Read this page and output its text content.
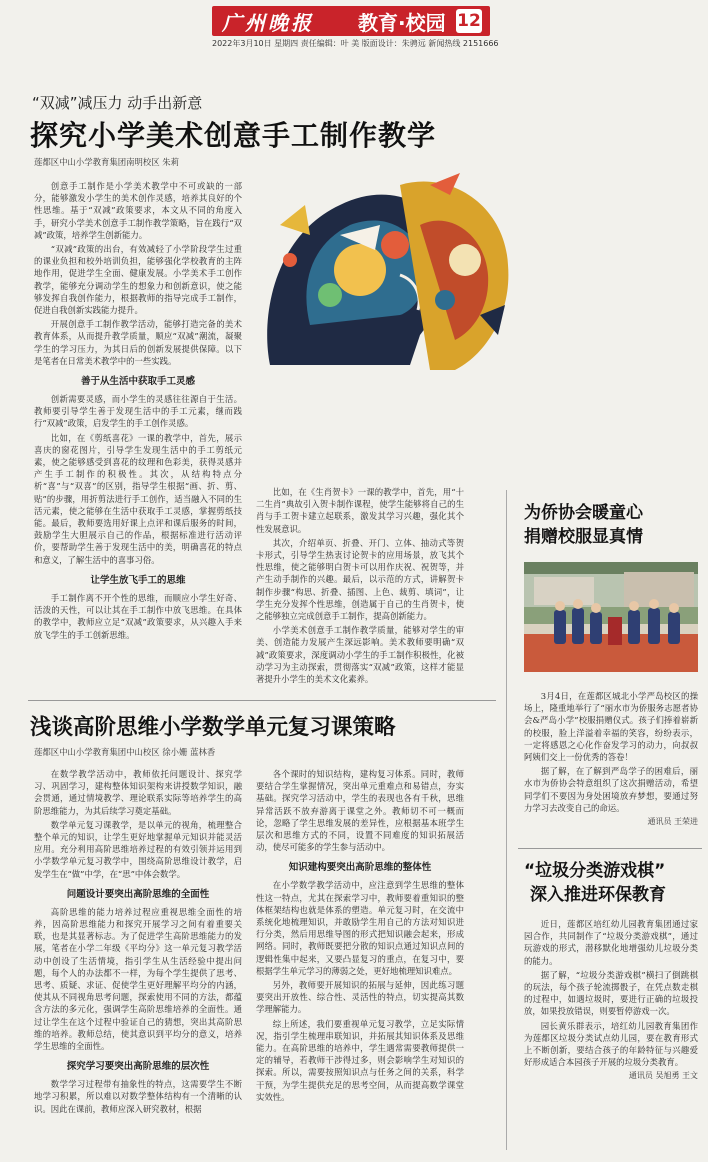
广州晚报 教育·校园 12
2022年3月10日 星期四 责任编辑：叶 美 版面设计：朱骋远 新闻热线 2151666
“双减”减压力 动手出新意
探究小学美术创意手工制作教学
莲都区中山小学教育集团南明校区 朱莉

创意手工制作是小学美术教学中不可或缺的一部分，能够激发小学生的美术创作灵感，培养其良好的个性思维。基于“双减”政策要求，本文从不同的角度入手，研究小学美术创意手工制作教学策略，旨在践行“双减”政策，培养学生创新能力。

“双减”政策的出台，有效减轻了小学阶段学生过重的课业负担和校外培训负担，能够强化学校教育的主阵地作用，促进学生全面、健康发展。小学美术手工创作教学，能够充分调动学生的想象力和创新意识，使之能够发挥自我创作能力，根据教师的指导完成手工制作，促进自我创新实践能力提升。

开展创意手工制作教学活动，能够打造完备的美术教育体系，从而提升教学质量，顺应“双减”潮流，凝聚学生的学习压力，为其日后的创新发展提供保障。以下是笔者在日常美术教学中的一些实践。

善于从生活中获取手工灵感

创新需要灵感，而小学生的灵感往往源自于生活。教师要引导学生善于发现生活中的手工元素，继而践行“双减”政策，启发学生的手工创作灵感。

比如，在《剪纸喜花》一课的教学中，首先，展示喜庆的窗花图片，引导学生发现生活中的手工剪纸元素，使之能够感受到喜花的纹理和色彩美，获得灵感并产生手工制作的积极性。其次，从结构特点分析“喜”与“双喜”的区别，指导学生根据“画、折、剪、贴”的步骤，用折剪法进行手工创作，适当融入不同的生活元素，使之能够在生活中获取手工灵感，掌握剪纸技能。最后，教师要选用好课上点评和课后服务的时间，鼓励学生大胆展示自己的作品，根据标准进行活动评价，要帮助学生善于发现生活中的美，明确喜花的特点和意义，了解生活中的喜事习俗。

让学生放飞手工的思维

手工制作离不开个性的思维，而顺应小学生好奇、活泼的天性，可以让其在手工制作中放飞思维。在具体的教学中，教师应立足“双减”政策要求，从兴趣入手来放飞学生的手工创新思维。

比如，在《生肖贺卡》一课的教学中，首先，用“十二生肖”典故引入贺卡制作课程，使学生能够将自己的生肖与手工贺卡建立起联系，激发其学习兴趣，强化其个性发展意识。

其次，介绍单页、折叠、开门、立体、抽动式等贺卡形式，引导学生热衷讨论贺卡的应用场景，放飞其个性思维，使之能够明白贺卡可以用作庆祝、祝贺等，并产生动手制作的兴趣。最后，以示范的方式，讲解贺卡制作步骤“构思、折叠、插图、上色、裁剪、填词”，让学生充分发挥个性思维，创造属于自己的生肖贺卡，使之能够独立完成创意手工制作，提高创新能力。

小学美术创意手工制作教学质量，能够对学生的审美、创造能力发展产生深远影响。美术教师要明确“双减”政策要求，深度调动小学生的手工制作积极性，化被动学习为主动探索，贯彻落实“双减”政策，这样才能显著提升小学生的美术文化素养。

浅谈高阶思维小学数学单元复习课策略
莲都区中山小学教育集团中山校区 徐小姗 蓝林香

在数学教学活动中，教师依托问题设计、探究学习、巩固学习，建构整体知识架构来讲授数学知识，融会贯通，通过情境教学、理论联系实际等培养学生的高阶思维能力，为其后续学习奠定基础。

数学单元复习课教学，是以单元的视角，梳理整合整个单元的知识，让学生更好地掌握单元知识并能灵活应用。充分利用高阶思维培养过程的有效引领并运用到小学数学单元复习教学中，围绕高阶思维设计教学，启发学生在“做”中学，在“思”中体会数学。

问题设计要突出高阶思维的全面性

高阶思维的能力培养过程应重视思维全面性的培养，因高阶思维能力和探究开展学习之间有着重要关联，也是其显著标志。为了促进学生高阶思维能力的发展，笔者在小学二年级《平均分》这一单元复习教学活动中创设了生活情境，指引学生从生活经验中提出问题，每个人的办法都不一样，为每个学生提供了思考、思考、质疑、求证、促使学生更好理解平均分的内涵，使其从不同视角思考问题，探索使用不同的方法，都蕴含方法的多元化，强调学生高阶思维培养的全面性。通过让学生在这个过程中验证自己的猜想，突出其高阶思维的培养。教师总结，使其意识到平均分的意义，培养学生思维的全面性。

探究学习要突出高阶思维的层次性

数学学习过程带有抽象性的特点，这需要学生不断地学习积累，所以难以对数学整体结构有一个清晰的认识。因此在课前，教师应深入研究教材，根据

各个课时的知识结构，建构复习体系。同时，教师要结合学生掌握情况，突出单元重难点和易错点，夯实基础。探究学习活动中，学生的表现也各有千秋，思维异常活跃不放弃游离于课堂之外。教师切不可一概而论，忽略了学生思维发展的差异性，应根据基本班学生层次和思维方式的不同，设置不同难度的知识拓展活动，使尽可能多的学生参与活动中。

知识建构要突出高阶思维的整体性

在小学数学教学活动中，应注意到学生思维的整体性这一特点，尤其在探索学习中，教师要着重知识的整体框架结构也就是体系的塑造。单元复习时，在交流中系统化地梳理知识，并敢励学生用自己的方法对知识进行分类，然后用思维导图的形式把知识融会起来，形成网络。同时，教师既要把分散的知识点通过知识点间的逻辑性集中起来，又要凸显复习的重点，在复习中，要根据学生单元学习的薄弱之处，更好地梳理知识难点。

另外，教师要开展知识的拓展与延伸，因此练习题要突出开放性、综合性、灵活性的特点，切实提高其数学理解能力。

综上所述，我们要重视单元复习教学，立足实际情况，指引学生梳理串联知识，并拓展其知识体系及思维能力。在高阶思维的培养中，学生遇常需要教师提供一定的辅导，若教师干涉得过多，则会影响学生对知识的探索。所以，需要按照知识点与任务之间的关系，科学干预，为学生提供充足的思考空间，从而提高数学课堂实效性。

为侨协会暖童心
捐赠校服显真情

3月4日，在莲都区城北小学严岛校区的操场上，隆重地举行了“丽水市为侨服务志愿者协会&严岛小学”校服捐赠仪式。孩子们捧着崭新的校服，脸上洋溢着幸福的笑容，纷纷表示，一定将感恩之心化作奋发学习的动力，向叔叔阿姨们交上一份优秀的答卷！

据了解，在了解到严岛学子的困难后，丽水市为侨协会特意组织了这次捐赠活动，希望同学们不要因为身处困境放弃梦想，要通过努力学习去改变自己的命运。

通讯员 王荣进
“垃圾分类游戏棋”
深入推进环保教育

近日，莲都区培红幼儿园教育集团通过家园合作，共同制作了“垃圾分类游戏棋”，通过玩游戏的形式，潜移默化地增强幼儿垃圾分类的能力。

据了解，“垃圾分类游戏棋”横扫了倒跳棋的玩法，每个孩子轮流掷骰子，在凭点数走棋的过程中，如遇垃圾时，要进行正确的垃圾投放，如果投放错误，则要暂停游戏一次。

园长黄乐群表示，培红幼儿园教育集团作为莲都区垃圾分类试点幼儿园，要在教育形式上不断创新，要结合孩子的年龄特征与兴趣爱好形成适合本园孩子开展的垃圾分类教育。

通讯员 吴旭勇 王文
